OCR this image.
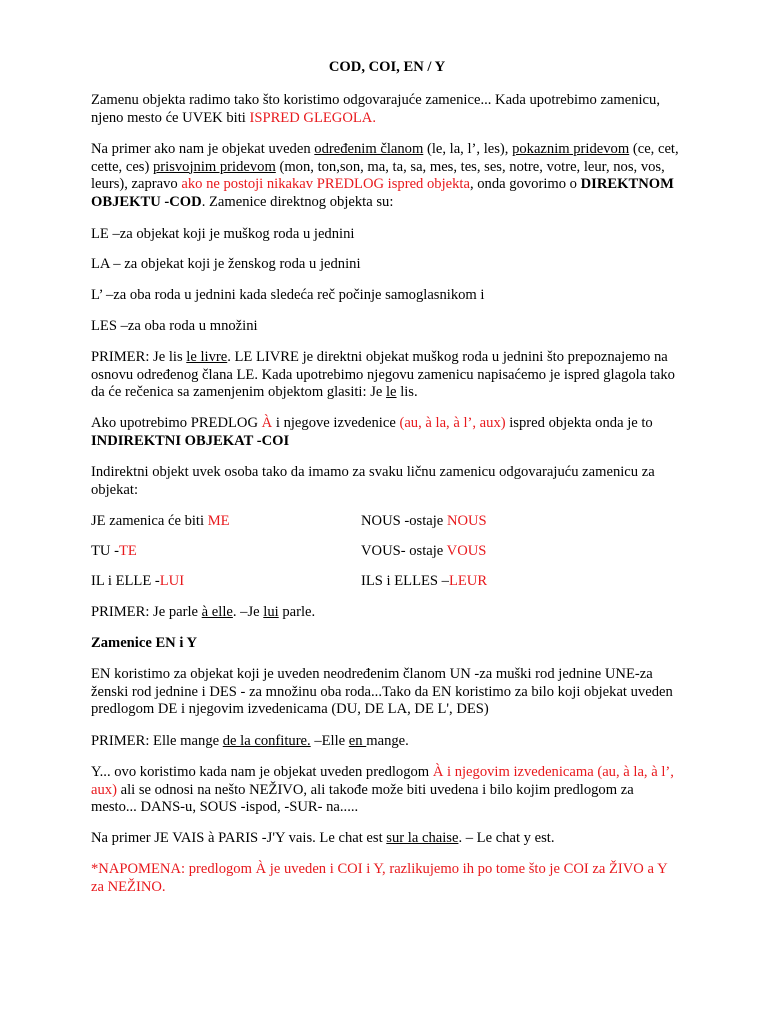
COD, COI, EN / Y

Zamenu objekta radimo tako što koristimo odgovarajuće zamenice... Kada upotrebimo zamenicu, njeno mesto će UVEK biti ISPRED GLEGOLA.

Na primer ako nam je objekat uveden određenim članom (le, la, l’, les), pokaznim pridevom (ce, cet, cette, ces) prisvojnim pridevom (mon, ton,son, ma, ta, sa, mes, tes, ses, notre, votre, leur, nos, vos, leurs), zapravo ako ne postoji nikakav PREDLOG ispred objekta, onda govorimo o DIREKTNOM OBJEKTU -COD. Zamenice direktnog objekta su:

LE –za objekat koji je muškog roda u jednini

LA – za objekat koji je ženskog roda u jednini

L’ –za oba roda u jednini kada sledeća reč počinje samoglasnikom i

LES –za oba roda u množini

PRIMER: Je lis le livre. LE LIVRE je direktni objekat muškog roda u jednini što prepoznajemo na osnovu određenog člana LE. Kada upotrebimo njegovu zamenicu napisaćemo je ispred glagola tako da će rečenica sa zamenjenim objektom glasiti: Je le lis.

Ako upotrebimo PREDLOG À i njegove izvedenice (au, à la, à l’, aux) ispred objekta onda je to
INDIREKTNI OBJEKAT -COI

Indirektni objekt uvek osoba tako da imamo za svaku ličnu zamenicu odgovarajuću zamenicu za objekat:

JE zamenica će biti ME	NOUS -ostaje NOUS
TU -TE	VOUS- ostaje VOUS
IL i ELLE -LUI	ILS i ELLES –LEUR

PRIMER: Je parle à elle. –Je lui parle.

Zamenice EN i Y

EN koristimo za objekat koji je uveden neodređenim članom UN -za muški rod jednine UNE-za ženski rod jednine i DES - za množinu oba roda...Tako da EN koristimo za bilo koji objekat uveden predlogom DE i njegovim izvedenicama (DU, DE LA, DE L', DES)

PRIMER: Elle mange de la confiture. –Elle en mange.

Y... ovo koristimo kada nam je objekat uveden predlogom À i njegovim izvedenicama (au, à la, à l’, aux) ali se odnosi na nešto NEŽIVO, ali takođe može biti uvedena i bilo kojim predlogom za mesto... DANS-u, SOUS -ispod, -SUR- na.....

Na primer JE VAIS à PARIS -J'Y vais. Le chat est sur la chaise. – Le chat y est.

*NAPOMENA: predlogom À je uveden i COI i Y, razlikujemo ih po tome što je COI za ŽIVO a Y za NEŽINO.
